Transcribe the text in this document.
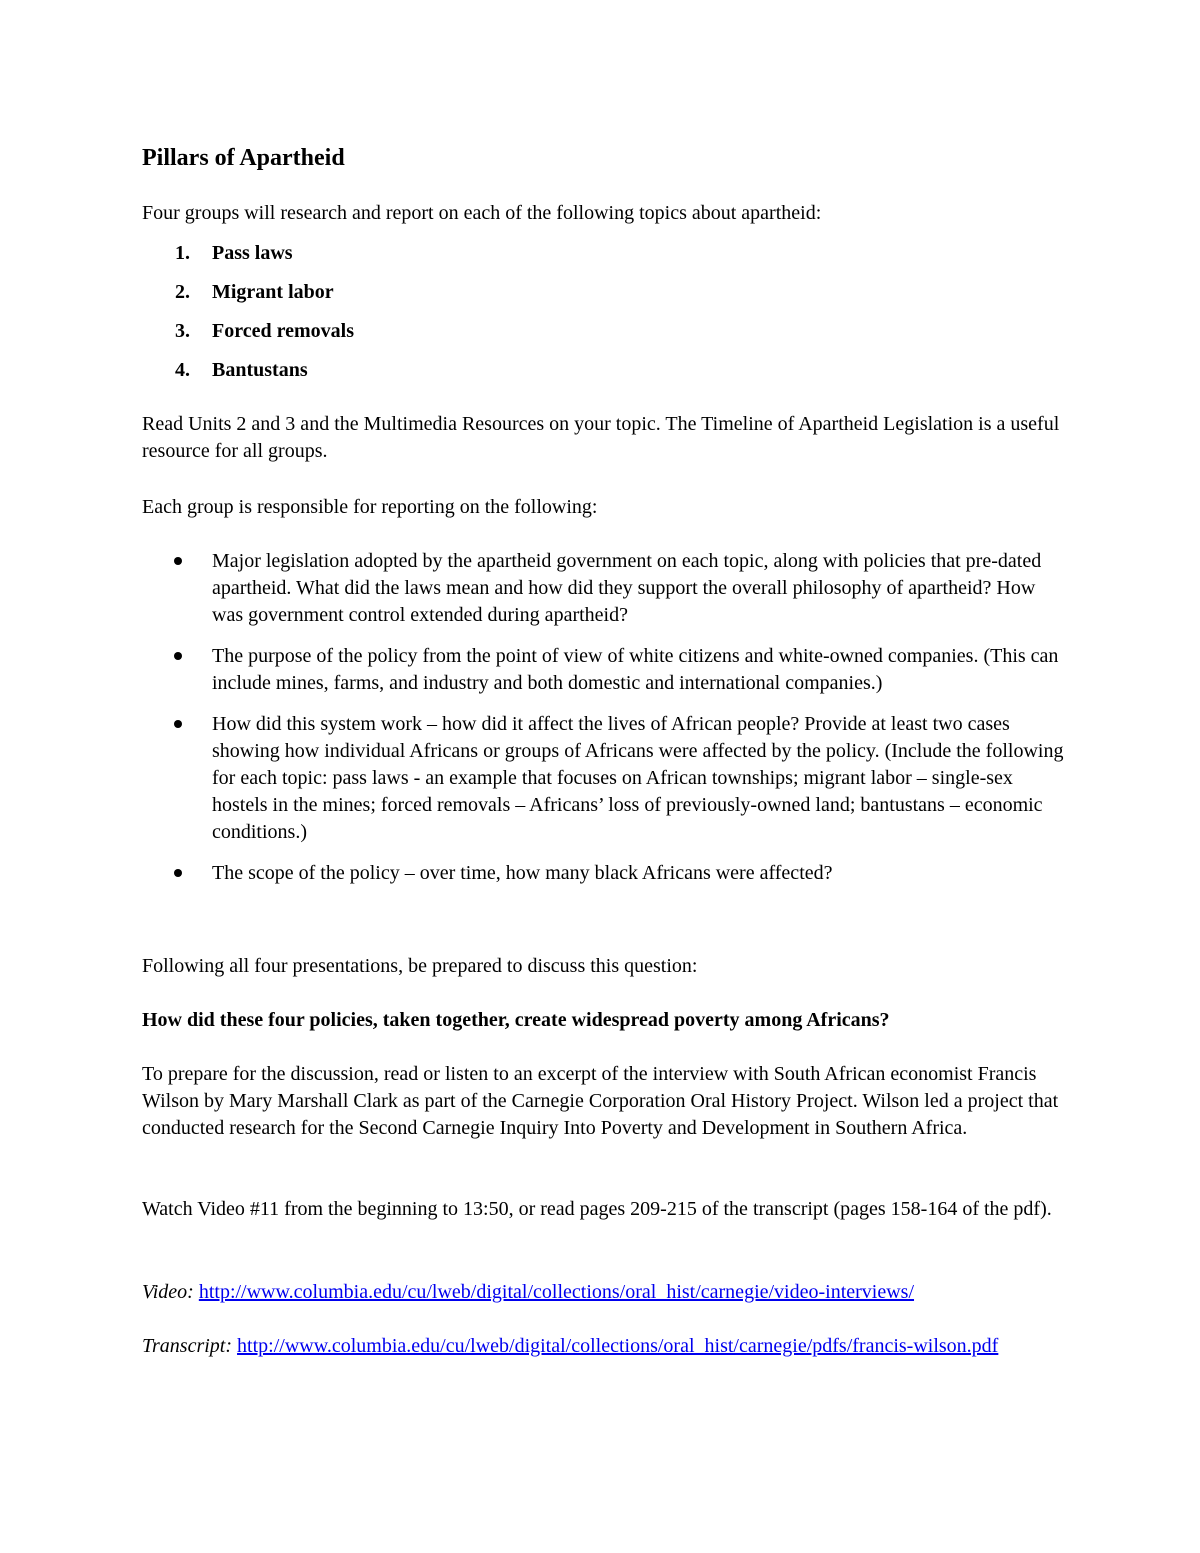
Pillars of Apartheid

Four groups will research and report on each of the following topics about apartheid:

1. Pass laws
2. Migrant labor
3. Forced removals
4. Bantustans

Read Units 2 and 3 and the Multimedia Resources on your topic. The Timeline of Apartheid Legislation is a useful resource for all groups.

Each group is responsible for reporting on the following:

Major legislation adopted by the apartheid government on each topic, along with policies that pre-dated apartheid. What did the laws mean and how did they support the overall philosophy of apartheid? How was government control extended during apartheid?
The purpose of the policy from the point of view of white citizens and white-owned companies. (This can include mines, farms, and industry and both domestic and international companies.)
How did this system work – how did it affect the lives of African people? Provide at least two cases showing how individual Africans or groups of Africans were affected by the policy. (Include the following for each topic: pass laws - an example that focuses on African townships; migrant labor – single-sex hostels in the mines; forced removals – Africans’ loss of previously-owned land; bantustans – economic conditions.)
The scope of the policy – over time, how many black Africans were affected?

Following all four presentations, be prepared to discuss this question:

How did these four policies, taken together, create widespread poverty among Africans?

To prepare for the discussion, read or listen to an excerpt of the interview with South African economist Francis Wilson by Mary Marshall Clark as part of the Carnegie Corporation Oral History Project. Wilson led a project that conducted research for the Second Carnegie Inquiry Into Poverty and Development in Southern Africa.

Watch Video #11 from the beginning to 13:50, or read pages 209-215 of the transcript (pages 158-164 of the pdf).

Video: http://www.columbia.edu/cu/lweb/digital/collections/oral_hist/carnegie/video-interviews/

Transcript: http://www.columbia.edu/cu/lweb/digital/collections/oral_hist/carnegie/pdfs/francis-wilson.pdf
